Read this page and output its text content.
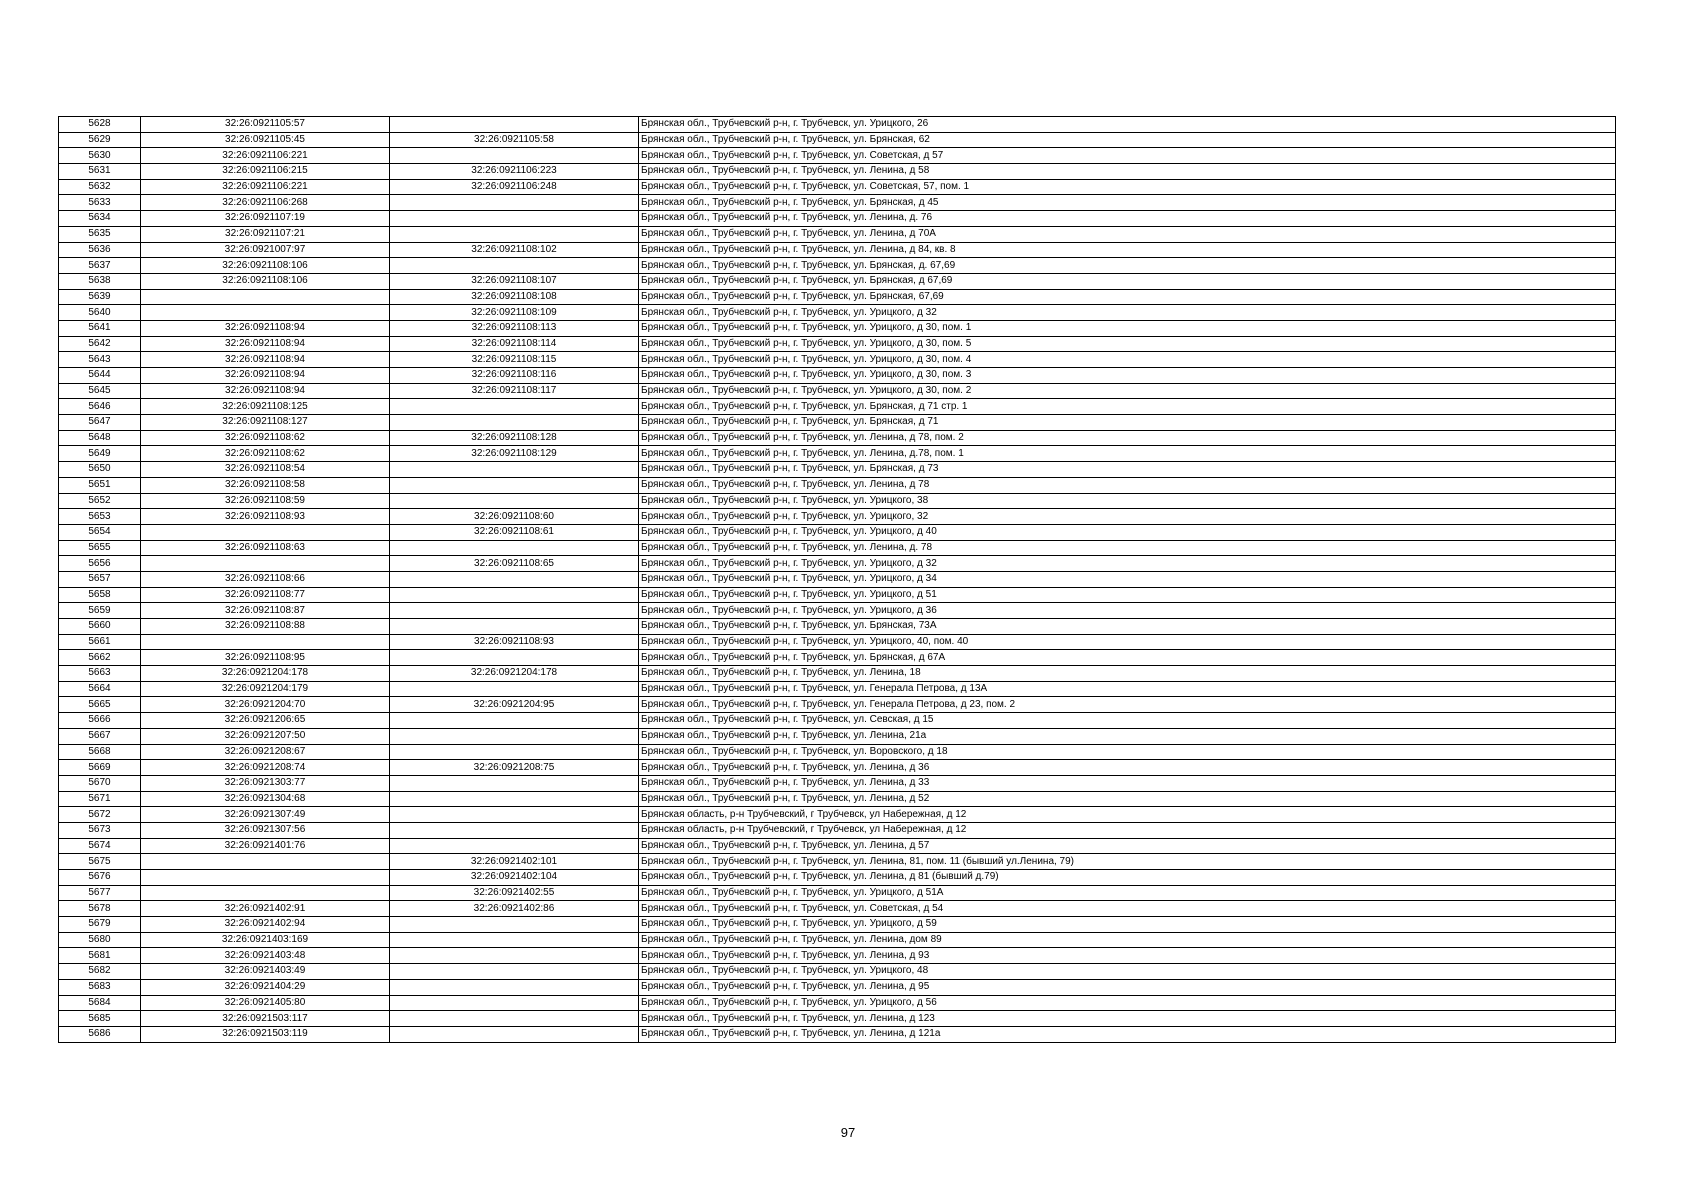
5628	32:26:0921105:57		Брянская обл., Трубчевский р-н, г. Трубчевск, ул. Урицкого, 26
5629	32:26:0921105:45	32:26:0921105:58	Брянская обл., Трубчевский р-н, г. Трубчевск, ул. Брянская, 62
5630	32:26:0921106:221		Брянская обл., Трубчевский р-н, г. Трубчевск, ул. Советская, д 57
5631	32:26:0921106:215	32:26:0921106:223	Брянская обл., Трубчевский р-н, г. Трубчевск, ул. Ленина, д 58
5632	32:26:0921106:221	32:26:0921106:248	Брянская обл., Трубчевский р-н, г. Трубчевск, ул. Советская, 57, пом. 1
5633	32:26:0921106:268		Брянская обл., Трубчевский р-н, г. Трубчевск, ул. Брянская, д 45
5634	32:26:0921107:19		Брянская обл., Трубчевский р-н, г. Трубчевск, ул. Ленина, д. 76
5635	32:26:0921107:21		Брянская обл., Трубчевский р-н, г. Трубчевск, ул. Ленина, д 70А
5636	32:26:0921007:97	32:26:0921108:102	Брянская обл., Трубчевский р-н, г. Трубчевск, ул. Ленина, д 84, кв. 8
5637	32:26:0921108:106		Брянская обл., Трубчевский р-н, г. Трубчевск, ул. Брянская, д. 67,69
5638	32:26:0921108:106	32:26:0921108:107	Брянская обл., Трубчевский р-н, г. Трубчевск, ул. Брянская, д 67,69
5639		32:26:0921108:108	Брянская обл., Трубчевский р-н, г. Трубчевск, ул. Брянская, 67,69
5640		32:26:0921108:109	Брянская обл., Трубчевский р-н, г. Трубчевск, ул. Урицкого, д 32
5641	32:26:0921108:94	32:26:0921108:113	Брянская обл., Трубчевский р-н, г. Трубчевск, ул. Урицкого, д 30, пом. 1
5642	32:26:0921108:94	32:26:0921108:114	Брянская обл., Трубчевский р-н, г. Трубчевск, ул. Урицкого, д 30, пом. 5
5643	32:26:0921108:94	32:26:0921108:115	Брянская обл., Трубчевский р-н, г. Трубчевск, ул. Урицкого, д 30, пом. 4
5644	32:26:0921108:94	32:26:0921108:116	Брянская обл., Трубчевский р-н, г. Трубчевск, ул. Урицкого, д 30, пом. 3
5645	32:26:0921108:94	32:26:0921108:117	Брянская обл., Трубчевский р-н, г. Трубчевск, ул. Урицкого, д 30, пом. 2
5646	32:26:0921108:125		Брянская обл., Трубчевский р-н, г. Трубчевск, ул. Брянская, д 71 стр. 1
5647	32:26:0921108:127		Брянская обл., Трубчевский р-н, г. Трубчевск, ул. Брянская, д 71
5648	32:26:0921108:62	32:26:0921108:128	Брянская обл., Трубчевский р-н, г. Трубчевск, ул. Ленина, д 78, пом. 2
5649	32:26:0921108:62	32:26:0921108:129	Брянская обл., Трубчевский р-н, г. Трубчевск, ул. Ленина, д.78, пом. 1
5650	32:26:0921108:54		Брянская обл., Трубчевский р-н, г. Трубчевск, ул. Брянская, д 73
5651	32:26:0921108:58		Брянская обл., Трубчевский р-н, г. Трубчевск, ул. Ленина, д 78
5652	32:26:0921108:59		Брянская обл., Трубчевский р-н, г. Трубчевск, ул. Урицкого, 38
5653	32:26:0921108:93	32:26:0921108:60	Брянская обл., Трубчевский р-н, г. Трубчевск, ул. Урицкого, 32
5654		32:26:0921108:61	Брянская обл., Трубчевский р-н, г. Трубчевск, ул. Урицкого, д 40
5655	32:26:0921108:63		Брянская обл., Трубчевский р-н, г. Трубчевск, ул. Ленина, д. 78
5656		32:26:0921108:65	Брянская обл., Трубчевский р-н, г. Трубчевск, ул. Урицкого, д 32
5657	32:26:0921108:66		Брянская обл., Трубчевский р-н, г. Трубчевск, ул. Урицкого, д 34
5658	32:26:0921108:77		Брянская обл., Трубчевский р-н, г. Трубчевск, ул. Урицкого, д 51
5659	32:26:0921108:87		Брянская обл., Трубчевский р-н, г. Трубчевск, ул. Урицкого, д 36
5660	32:26:0921108:88		Брянская обл., Трубчевский р-н, г. Трубчевск, ул. Брянская, 73А
5661		32:26:0921108:93	Брянская обл., Трубчевский р-н, г. Трубчевск, ул. Урицкого, 40, пом. 40
5662	32:26:0921108:95		Брянская обл., Трубчевский р-н, г. Трубчевск, ул. Брянская, д 67А
5663	32:26:0921204:178	32:26:0921204:178	Брянская обл., Трубчевский р-н, г. Трубчевск, ул. Ленина, 18
5664	32:26:0921204:179		Брянская обл., Трубчевский р-н, г. Трубчевск, ул. Генерала Петрова, д 13А
5665	32:26:0921204:70	32:26:0921204:95	Брянская обл., Трубчевский р-н, г. Трубчевск, ул. Генерала Петрова, д 23, пом. 2
5666	32:26:0921206:65		Брянская обл., Трубчевский р-н, г. Трубчевск, ул. Севская, д 15
5667	32:26:0921207:50		Брянская обл., Трубчевский р-н, г. Трубчевск, ул. Ленина, 21а
5668	32:26:0921208:67		Брянская обл., Трубчевский р-н, г. Трубчевск, ул. Воровского, д 18
5669	32:26:0921208:74	32:26:0921208:75	Брянская обл., Трубчевский р-н, г. Трубчевск, ул. Ленина, д 36
5670	32:26:0921303:77		Брянская обл., Трубчевский р-н, г. Трубчевск, ул. Ленина, д 33
5671	32:26:0921304:68		Брянская обл., Трубчевский р-н, г. Трубчевск, ул. Ленина, д 52
5672	32:26:0921307:49		Брянская область, р-н Трубчевский, г Трубчевск, ул Набережная, д 12
5673	32:26:0921307:56		Брянская область, р-н Трубчевский, г Трубчевск, ул Набережная, д 12
5674	32:26:0921401:76		Брянская обл., Трубчевский р-н, г. Трубчевск, ул. Ленина, д 57
5675		32:26:0921402:101	Брянская обл., Трубчевский р-н, г. Трубчевск, ул. Ленина, 81, пом. 11 (бывший ул.Ленина, 79)
5676		32:26:0921402:104	Брянская обл., Трубчевский р-н, г. Трубчевск, ул. Ленина, д 81 (бывший д.79)
5677		32:26:0921402:55	Брянская обл., Трубчевский р-н, г. Трубчевск, ул. Урицкого, д 51А
5678	32:26:0921402:91	32:26:0921402:86	Брянская обл., Трубчевский р-н, г. Трубчевск, ул. Советская, д 54
5679	32:26:0921402:94		Брянская обл., Трубчевский р-н, г. Трубчевск, ул. Урицкого, д 59
5680	32:26:0921403:169		Брянская обл., Трубчевский р-н, г. Трубчевск, ул. Ленина, дом 89
5681	32:26:0921403:48		Брянская обл., Трубчевский р-н, г. Трубчевск, ул. Ленина, д 93
5682	32:26:0921403:49		Брянская обл., Трубчевский р-н, г. Трубчевск, ул. Урицкого, 48
5683	32:26:0921404:29		Брянская обл., Трубчевский р-н, г. Трубчевск, ул. Ленина, д 95
5684	32:26:0921405:80		Брянская обл., Трубчевский р-н, г. Трубчевск, ул. Урицкого, д 56
5685	32:26:0921503:117		Брянская обл., Трубчевский р-н, г. Трубчевск, ул. Ленина, д 123
5686	32:26:0921503:119		Брянская обл., Трубчевский р-н, г. Трубчевск, ул. Ленина, д 121а
97
